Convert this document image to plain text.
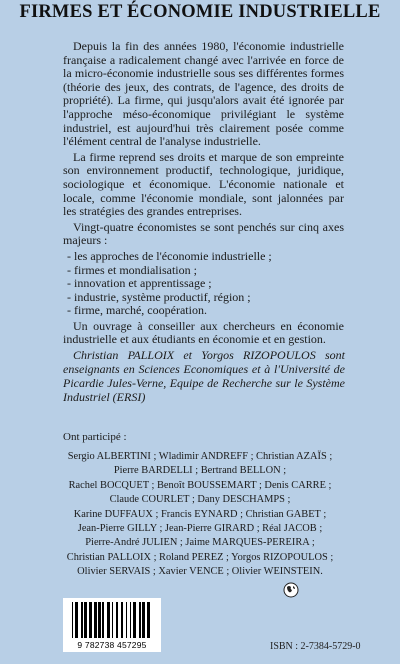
FIRMES ET ÉCONOMIE INDUSTRIELLE

Depuis la fin des années 1980, l'économie industrielle française a radicalement changé avec l'arrivée en force de la micro-économie industrielle sous ses différentes formes (théorie des jeux, des contrats, de l'agence, des droits de propriété). La firme, qui jusqu'alors avait été ignorée par l'approche méso-économique privilégiant le système industriel, est aujourd'hui très clairement posée comme l'élément central de l'analyse industrielle.

La firme reprend ses droits et marque de son empreinte son environnement productif, technologique, juridique, sociologique et économique. L'économie nationale et locale, comme l'économie mondiale, sont jalonnées par les stratégies des grandes entreprises.

Vingt-quatre économistes se sont penchés sur cinq axes majeurs :

- les approches de l'économie industrielle ;
- firmes et mondialisation ;
- innovation et apprentissage ;
- industrie, système productif, région ;
- firme, marché, coopération.

Un ouvrage à conseiller aux chercheurs en économie industrielle et aux étudiants en économie et en gestion.

Christian PALLOIX et Yorgos RIZOPOULOS sont enseignants en Sciences Economiques et à l'Université de Picardie Jules-Verne, Equipe de Recherche sur le Système Industriel (ERSI)

Ont participé :

Sergio ALBERTINI ; Wladimir ANDREFF ; Christian AZAÏS ;
Pierre BARDELLI ; Bertrand BELLON ;
Rachel BOCQUET ; Benoît BOUSSEMART ; Denis CARRE ;
Claude COURLET ; Dany DESCHAMPS ;
Karine DUFFAUX ; Francis EYNARD ; Christian GABET ;
Jean-Pierre GILLY ; Jean-Pierre GIRARD ; Réal JACOB ;
Pierre-André JULIEN ; Jaime MARQUES-PEREIRA ;
Christian PALLOIX ; Roland PEREZ ; Yorgos RIZOPOULOS ;
Olivier SERVAIS ; Xavier VENCE ; Olivier WEINSTEIN.
9 782738 457295	ISBN : 2-7384-5729-0
